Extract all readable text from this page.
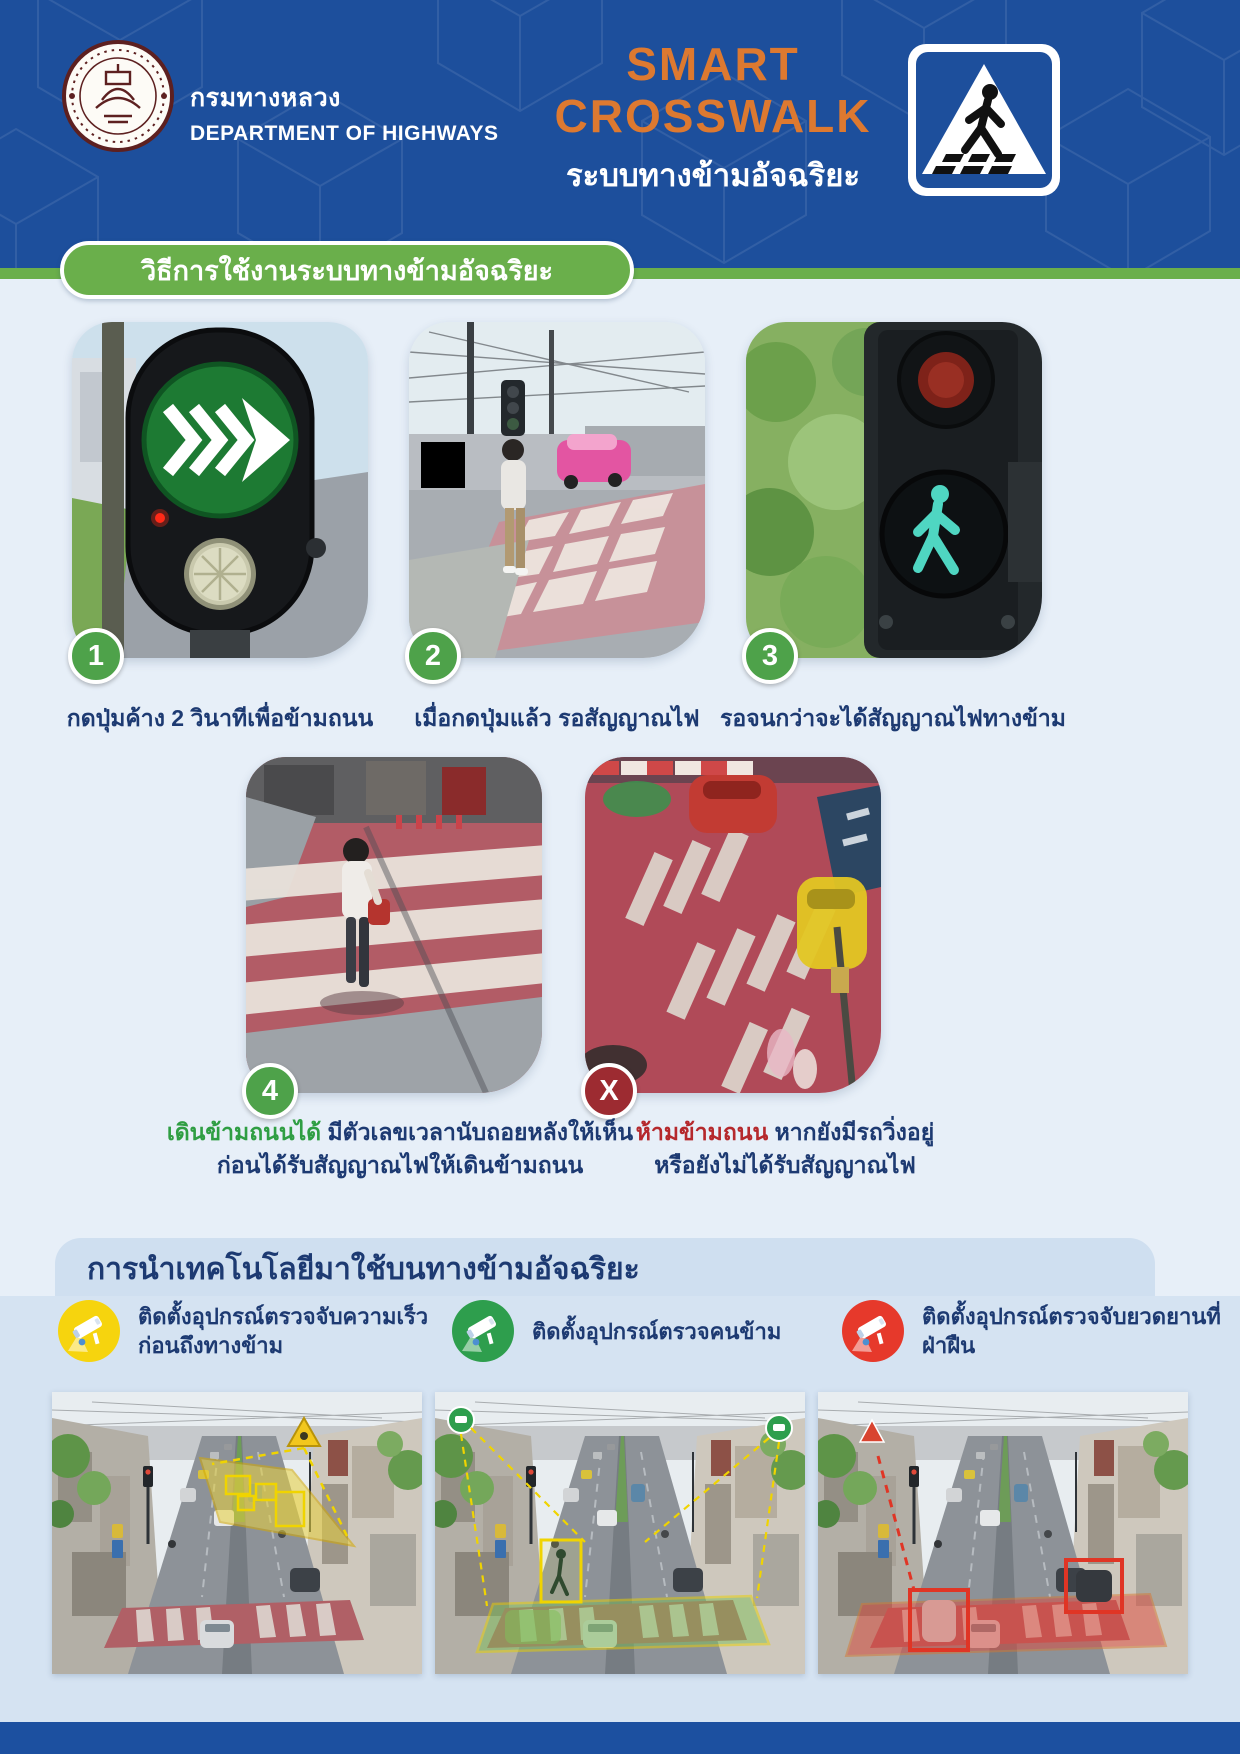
กรมทางหลวง
DEPARTMENT OF HIGHWAYS
SMART
CROSSWALK
ระบบทางข้ามอัจฉริยะ
วิธีการใช้งานระบบทางข้ามอัจฉริยะ
1	2	3
กดปุ่มค้าง 2 วินาทีเพื่อข้ามถนน	เมื่อกดปุ่มแล้ว รอสัญญาณไฟ รอจนกว่าจะได้สัญญาณไฟทางข้าม
4	X
เดินข้ามถนนได้ มีตัวเลขเวลานับถอยหลังให้เห็น
ก่อนได้รับสัญญาณไฟให้เดินข้ามถนน
ห้ามข้ามถนน หากยังมีรถวิ่งอยู่
หรือยังไม่ได้รับสัญญาณไฟ
การนำเทคโนโลยีมาใช้บนทางข้ามอัจฉริยะ
ติดตั้งอุปกรณ์ตรวจจับความเร็ว
ก่อนถึงทางข้าม
ติดตั้งอุปกรณ์ตรวจคนข้าม
ติดตั้งอุปกรณ์ตรวจจับยวดยานที่ฝ่าฝืน
